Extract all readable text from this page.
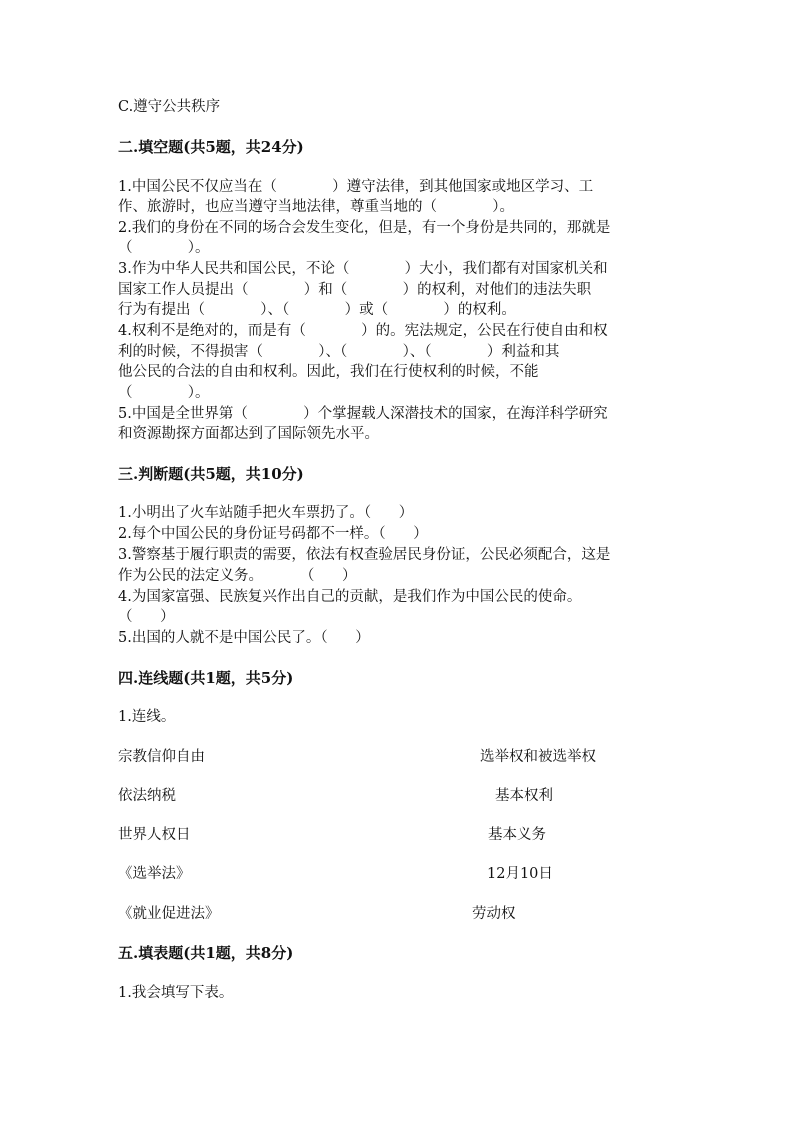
C.遵守公共秩序
二.填空题(共5题，共24分)
1.中国公民不仅应当在（            ）遵守法律，到其他国家或地区学习、工
作、旅游时，也应当遵守当地法律，尊重当地的（            ）。
2.我们的身份在不同的场合会发生变化，但是，有一个身份是共同的，那就是
（            ）。
3.作为中华人民共和国公民，不论（            ）大小，我们都有对国家机关和
国家工作人员提出（            ）和（            ）的权利，对他们的违法失职
行为有提出（            ）、（            ）或（            ）的权利。
4.权利不是绝对的，而是有（            ）的。宪法规定，公民在行使自由和权
利的时候，不得损害（            ）、（            ）、（            ）利益和其
他公民的合法的自由和权利。因此，我们在行使权利的时候，不能
（            ）。
5.中国是全世界第（            ）个掌握载人深潜技术的国家，在海洋科学研究
和资源勘探方面都达到了国际领先水平。
三.判断题(共5题，共10分)
1.小明出了火车站随手把火车票扔了。（      ）
2.每个中国公民的身份证号码都不一样。（      ）
3.警察基于履行职责的需要，依法有权查验居民身份证，公民必须配合，这是
作为公民的法定义务。        （      ）
4.为国家富强、民族复兴作出自己的贡献，是我们作为中国公民的使命。
（      ）
5.出国的人就不是中国公民了。（      ）
四.连线题(共1题，共5分)
1.连线。
宗教信仰自由	选举权和被选举权
依法纳税	基本权利
世界人权日	基本义务
《选举法》	12月10日
《就业促进法》	劳动权
五.填表题(共1题，共8分)
1.我会填写下表。
